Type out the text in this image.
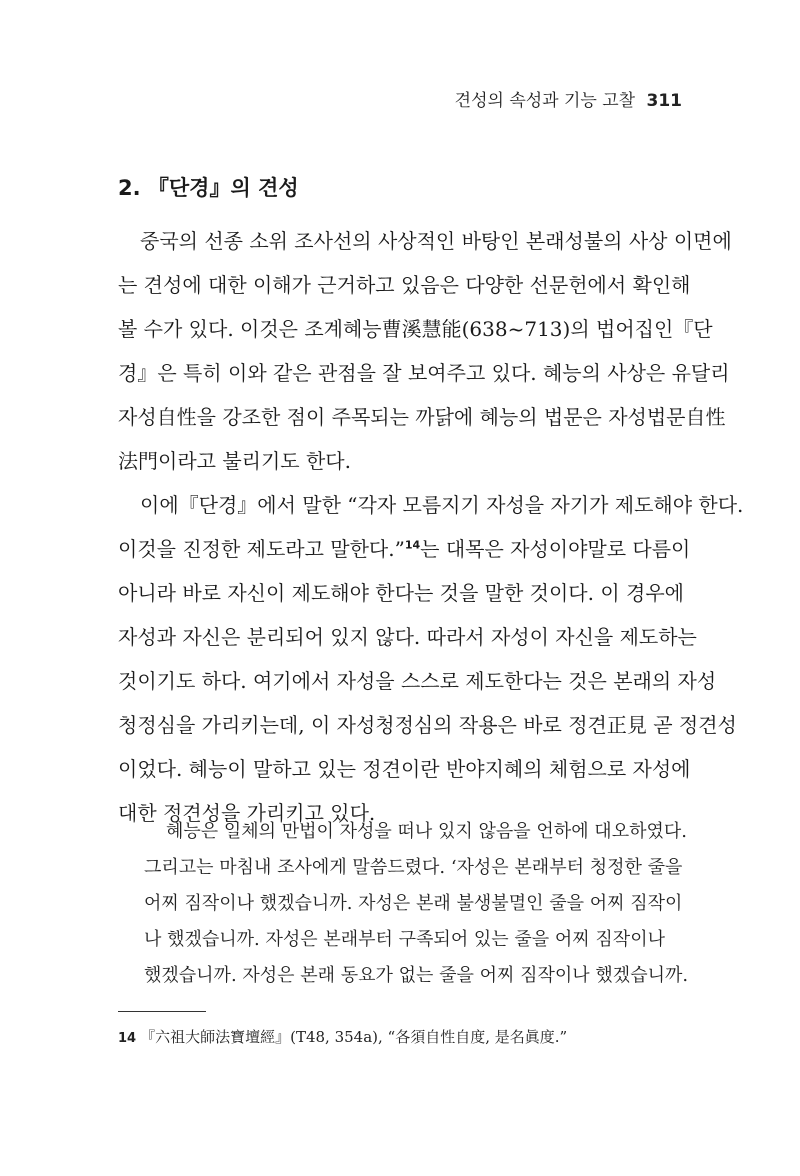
견성의 속성과 기능 고찰 311
2. 『단경』의 견성
중국의 선종 소위 조사선의 사상적인 바탕인 본래성불의 사상 이면에
는 견성에 대한 이해가 근거하고 있음은 다양한 선문헌에서 확인해
볼 수가 있다. 이것은 조계혜능曹溪慧能(638~713)의 법어집인『단
경』은 특히 이와 같은 관점을 잘 보여주고 있다. 혜능의 사상은 유달리
자성自性을 강조한 점이 주목되는 까닭에 혜능의 법문은 자성법문自性
法門이라고 불리기도 한다.
이에『단경』에서 말한 “각자 모름지기 자성을 자기가 제도해야 한다.
이것을 진정한 제도라고 말한다.”$^{14}$는 대목은 자성이야말로 다름이
아니라 바로 자신이 제도해야 한다는 것을 말한 것이다. 이 경우에
자성과 자신은 분리되어 있지 않다. 따라서 자성이 자신을 제도하는
것이기도 하다. 여기에서 자성을 스스로 제도한다는 것은 본래의 자성
청정심을 가리키는데, 이 자성청정심의 작용은 바로 정견正見 곧 정견성
이었다. 혜능이 말하고 있는 정견이란 반야지혜의 체험으로 자성에
대한 정견성을 가리키고 있다.
혜능은 일체의 만법이 자성을 떠나 있지 않음을 언하에 대오하였다.
그리고는 마침내 조사에게 말씀드렸다. ‘자성은 본래부터 청정한 줄을
어찌 짐작이나 했겠습니까. 자성은 본래 불생불멸인 줄을 어찌 짐작이
나 했겠습니까. 자성은 본래부터 구족되어 있는 줄을 어찌 짐작이나
했겠습니까. 자성은 본래 동요가 없는 줄을 어찌 짐작이나 했겠습니까.
14 『六祖大師法寶壇經』(T48, 354a), “各須自性自度, 是名眞度.”
